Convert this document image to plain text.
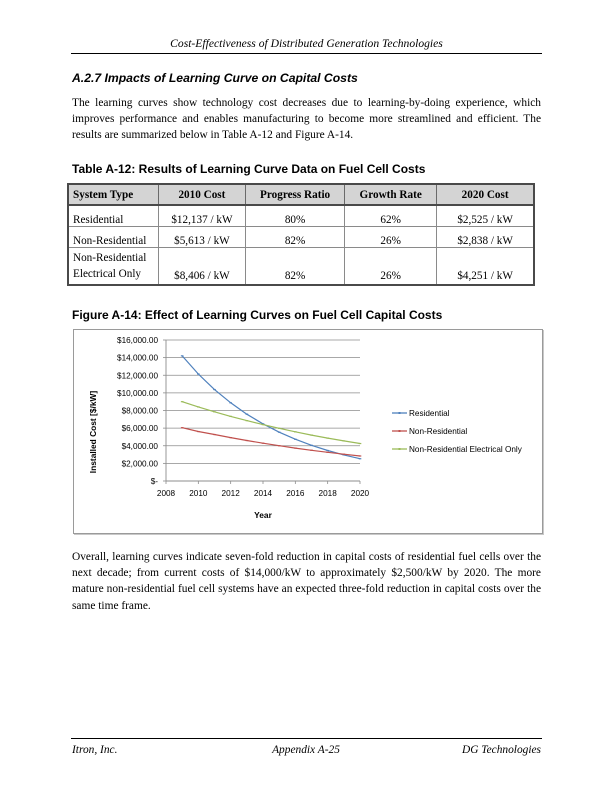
Cost-Effectiveness of Distributed Generation Technologies
A.2.7 Impacts of Learning Curve on Capital Costs
The learning curves show technology cost decreases due to learning-by-doing experience, which improves performance and enables manufacturing to become more streamlined and efficient. The results are summarized below in Table A-12 and Figure A-14.
Table A-12: Results of Learning Curve Data on Fuel Cell Costs
System Type	2010 Cost	Progress Ratio	Growth Rate	2020 Cost
Residential	$12,137 / kW	80%	62%	$2,525 / kW
Non-Residential	$5,613 / kW	82%	26%	$2,838 / kW
Non-Residential
Electrical Only	$8,406 / kW	82%	26%	$4,251 / kW
Figure A-14: Effect of Learning Curves on Fuel Cell Capital Costs
$-
$2,000.00
$4,000.00
$6,000.00
$8,000.00
$10,000.00
$12,000.00
$14,000.00
$16,000.00
2008 2010 2012 2014 2016 2018 2020
Installed Cost [$/kW]
Year
Residential
Non-Residential
Non-Residential Electrical Only
Overall, learning curves indicate seven-fold reduction in capital costs of residential fuel cells over the next decade; from current costs of $14,000/kW to approximately $2,500/kW by 2020. The more mature non-residential fuel cell systems have an expected three-fold reduction in capital costs over the same time frame.
Itron, Inc.	Appendix A-25	DG Technologies
